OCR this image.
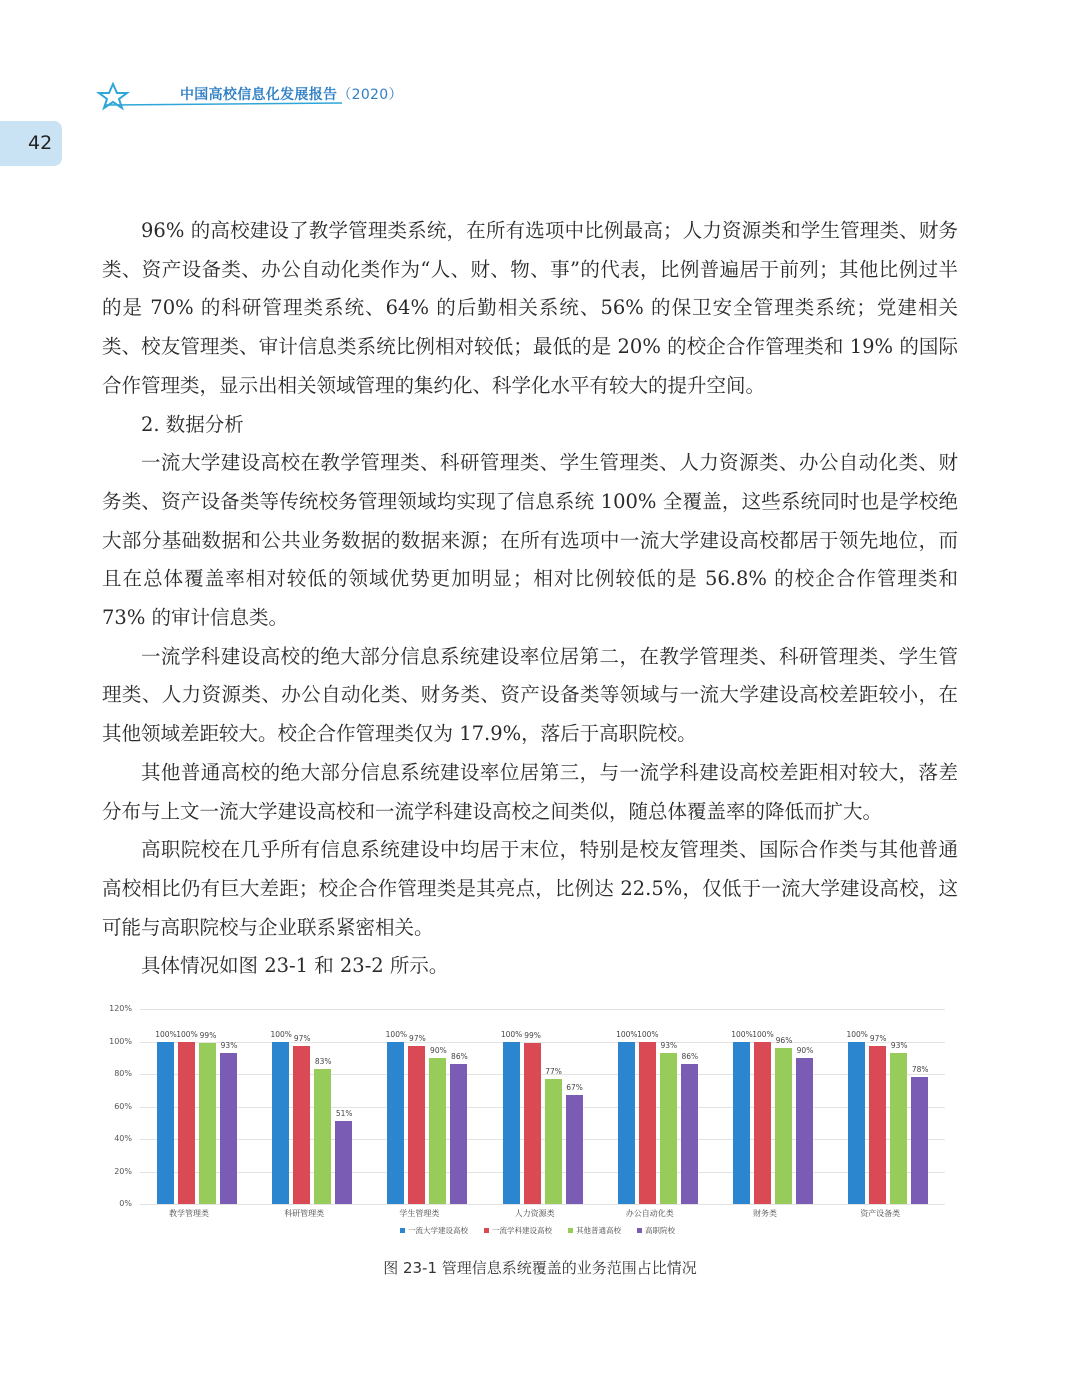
中国高校信息化发展报告（2020）
42

96% 的高校建设了教学管理类系统，在所有选项中比例最高；人力资源类和学生管理类、财务类、资产设备类、办公自动化类作为“人、财、物、事”的代表，比例普遍居于前列；其他比例过半的是 70% 的科研管理类系统、64% 的后勤相关系统、56% 的保卫安全管理类系统；党建相关类、校友管理类、审计信息类系统比例相对较低；最低的是 20% 的校企合作管理类和 19% 的国际合作管理类，显示出相关领域管理的集约化、科学化水平有较大的提升空间。

2. 数据分析

一流大学建设高校在教学管理类、科研管理类、学生管理类、人力资源类、办公自动化类、财务类、资产设备类等传统校务管理领域均实现了信息系统 100% 全覆盖，这些系统同时也是学校绝大部分基础数据和公共业务数据的数据来源；在所有选项中一流大学建设高校都居于领先地位，而且在总体覆盖率相对较低的领域优势更加明显；相对比例较低的是 56.8% 的校企合作管理类和 73% 的审计信息类。

一流学科建设高校的绝大部分信息系统建设率位居第二，在教学管理类、科研管理类、学生管理类、人力资源类、办公自动化类、财务类、资产设备类等领域与一流大学建设高校差距较小，在其他领域差距较大。校企合作管理类仅为 17.9%，落后于高职院校。

其他普通高校的绝大部分信息系统建设率位居第三，与一流学科建设高校差距相对较大，落差分布与上文一流大学建设高校和一流学科建设高校之间类似，随总体覆盖率的降低而扩大。

高职院校在几乎所有信息系统建设中均居于末位，特别是校友管理类、国际合作类与其他普通高校相比仍有巨大差距；校企合作管理类是其亮点，比例达 22.5%，仅低于一流大学建设高校，这可能与高职院校与企业联系紧密相关。

具体情况如图 23-1 和 23-2 所示。

0%
20%
40%
60%
80%
100%
120%
100% 100% 99%
93%
教学管理类
100%
97%
83%
51%
科研管理类
100%
97%
90%
86%
学生管理类
100% 99%
77%
67%
人力资源类
100% 100%
93%
86%
办公自动化类
100% 100%
96%
90%
财务类
100%
97%
93%
78%
资产设备类
一流大学建设高校	一流学科建设高校	其他普通高校	高职院校
图 23-1 管理信息系统覆盖的业务范围占比情况
